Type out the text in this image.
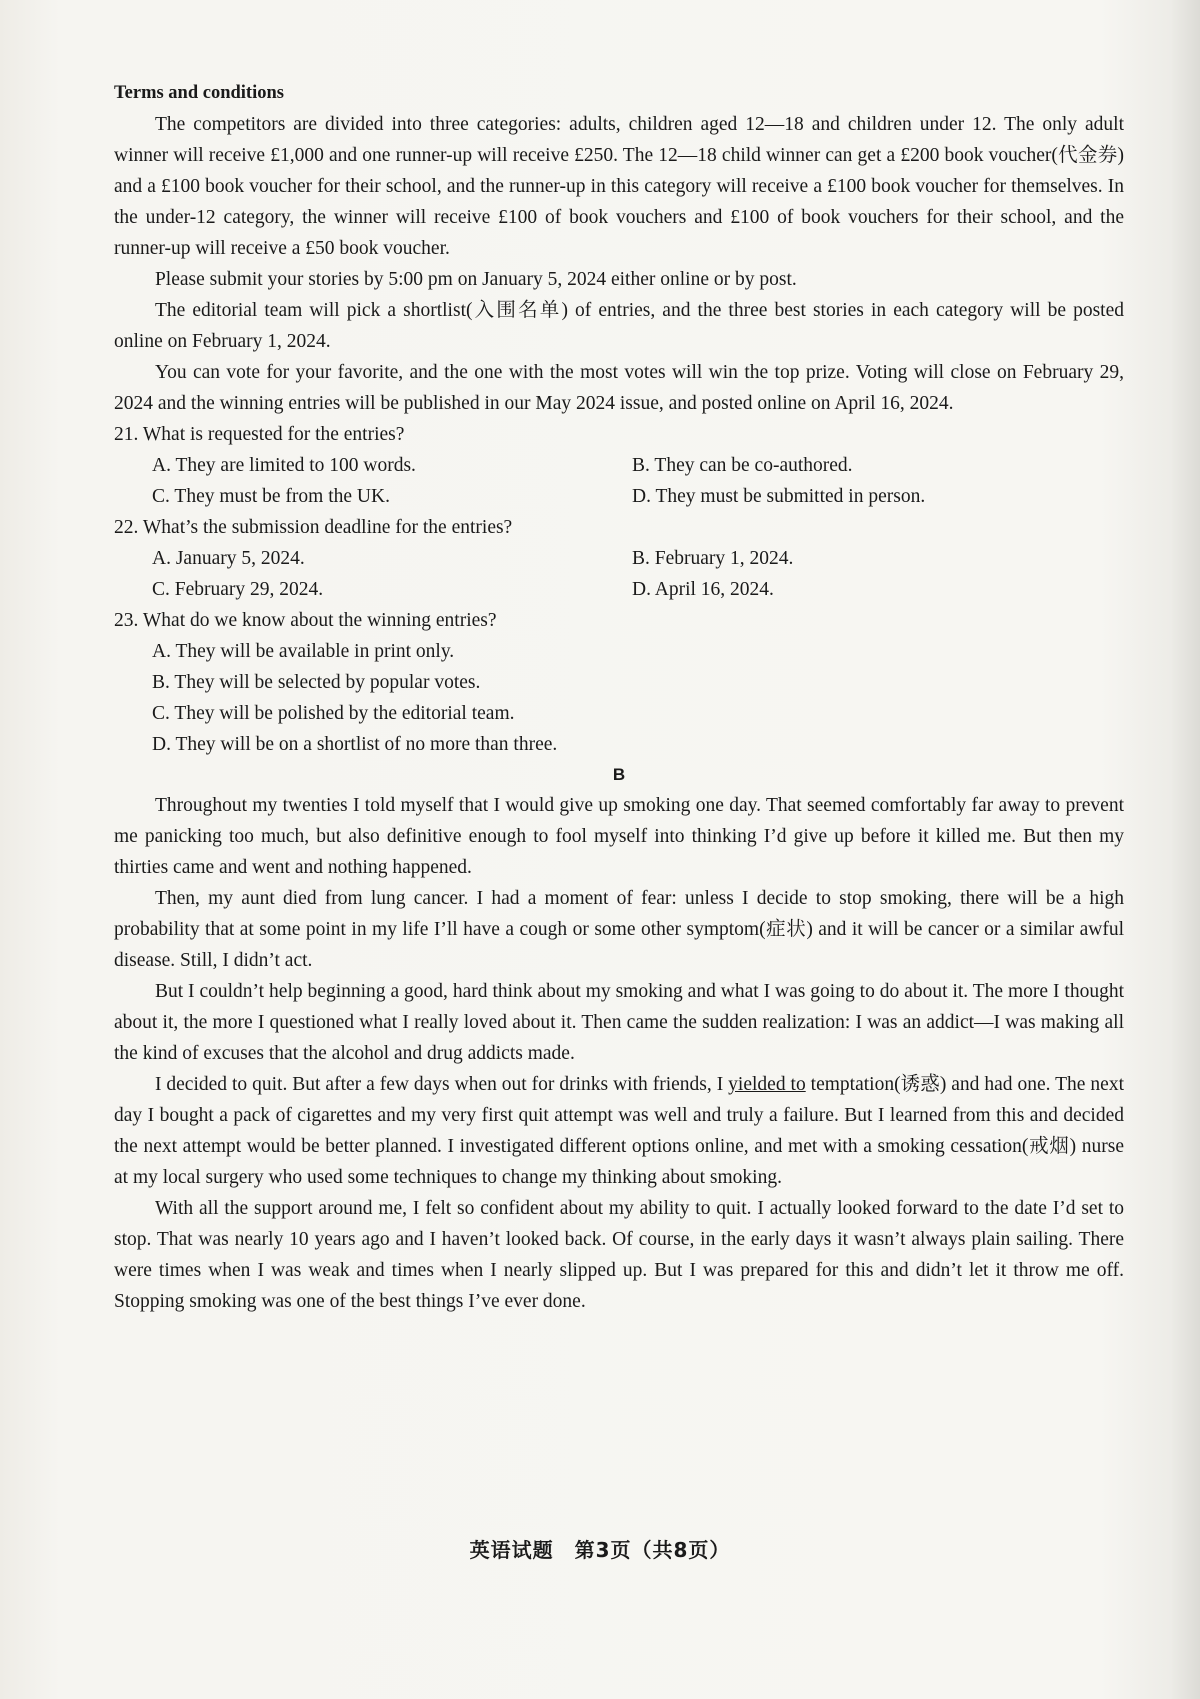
Terms and conditions

The competitors are divided into three categories: adults, children aged 12—18 and children under 12. The only adult winner will receive £1,000 and one runner-up will receive £250. The 12—18 child winner can get a £200 book voucher(代金券) and a £100 book voucher for their school, and the runner-up in this category will receive a £100 book voucher for themselves. In the under-12 category, the winner will receive £100 of book vouchers and £100 of book vouchers for their school, and the runner-up will receive a £50 book voucher.

Please submit your stories by 5:00 pm on January 5, 2024 either online or by post.

The editorial team will pick a shortlist(入围名单) of entries, and the three best stories in each category will be posted online on February 1, 2024.

You can vote for your favorite, and the one with the most votes will win the top prize. Voting will close on February 29, 2024 and the winning entries will be published in our May 2024 issue, and posted online on April 16, 2024.

21. What is requested for the entries?
A. They are limited to 100 words.	B. They can be co-authored.
C. They must be from the UK.	D. They must be submitted in person.
22. What’s the submission deadline for the entries?
A. January 5, 2024.	B. February 1, 2024.
C. February 29, 2024.	D. April 16, 2024.
23. What do we know about the winning entries?
A. They will be available in print only.
B. They will be selected by popular votes.
C. They will be polished by the editorial team.
D. They will be on a shortlist of no more than three.
B

Throughout my twenties I told myself that I would give up smoking one day. That seemed comfortably far away to prevent me panicking too much, but also definitive enough to fool myself into thinking I’d give up before it killed me. But then my thirties came and went and nothing happened.

Then, my aunt died from lung cancer. I had a moment of fear: unless I decide to stop smoking, there will be a high probability that at some point in my life I’ll have a cough or some other symptom(症状) and it will be cancer or a similar awful disease. Still, I didn’t act.

But I couldn’t help beginning a good, hard think about my smoking and what I was going to do about it. The more I thought about it, the more I questioned what I really loved about it. Then came the sudden realization: I was an addict—I was making all the kind of excuses that the alcohol and drug addicts made.

I decided to quit. But after a few days when out for drinks with friends, I yielded to temptation(诱惑) and had one. The next day I bought a pack of cigarettes and my very first quit attempt was well and truly a failure. But I learned from this and decided the next attempt would be better planned. I investigated different options online, and met with a smoking cessation(戒烟) nurse at my local surgery who used some techniques to change my thinking about smoking.

With all the support around me, I felt so confident about my ability to quit. I actually looked forward to the date I’d set to stop. That was nearly 10 years ago and I haven’t looked back. Of course, in the early days it wasn’t always plain sailing. There were times when I was weak and times when I nearly slipped up. But I was prepared for this and didn’t let it throw me off. Stopping smoking was one of the best things I’ve ever done.

英语试题　第3页（共8页）
